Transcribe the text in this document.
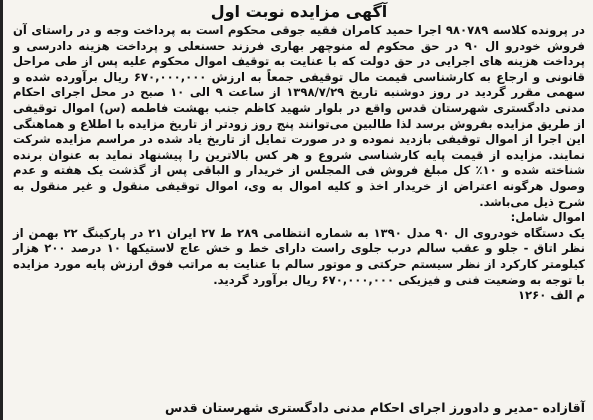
آگهی مزایده نوبت اول

در پرونده کلاسه ۹۸۰۷۸۹ اجرا حمید کامران فقیه جوقی محکوم است به پرداخت وجه و در راستای آن فروش خودرو ال ۹۰ در حق محکوم له منوچهر بهاری فرزند حسنعلی و پرداخت هزینه دادرسی و پرداخت هزینه های اجرایی در حق دولت که با عنایت به توقیف اموال محکوم علیه پس از طی مراحل قانونی و ارجاع به کارشناسی قیمت مال توقیفی جمعاً به ارزش ۶۷۰,۰۰۰,۰۰۰ ریال برآورده شده و سهمی مقرر گردید در روز دوشنبه تاریخ ۱۳۹۸/۷/۲۹ از ساعت ۹ الی ۱۰ صبح در محل اجرای احکام مدنی دادگستری شهرستان قدس واقع در بلوار شهید کاظم جنب بهشت فاطمه (س) اموال توقیفی از طریق مزایده بفروش برسد لذا طالبین می‌توانند پنج روز زودتر از تاریخ مزایده با اطلاع و هماهنگی این اجرا از اموال توقیفی بازدید نموده و در صورت تمایل از تاریخ یاد شده در مراسم مزایده شرکت نمایند. مزایده از قیمت پایه کارشناسی شروع و هر کس بالاترین را پیشنهاد نماید به عنوان برنده شناخته شده و ۱۰٪ کل مبلغ فروش فی المجلس از خریدار و الباقی پس از گذشت یک هفته و عدم وصول هرگونه اعتراض از خریدار اخذ و کلیه اموال به وی، اموال توقیفی منقول و غیر منقول به شرح ذیل می‌باشد.

اموال شامل:

یک دستگاه خودروی ال ۹۰ مدل ۱۳۹۰ به شماره انتظامی ۲۸۹ ط ۲۷ ایران ۲۱ در پارکینگ ۲۲ بهمن از نظر اتاق - جلو و عقب سالم درب جلوی راست دارای خط و خش عاج لاستیکها ۱۰ درصد ۲۰۰ هزار کیلومتر کارکرد از نظر سیستم حرکتی و موتور سالم با عنایت به مراتب فوق ارزش پایه مورد مزایده با توجه به وضعیت فنی و فیزیکی ۶۷۰,۰۰۰,۰۰۰ ریال برآورد گردید.

م الف ۱۲۶۰

آقازاده -مدیر و دادورز اجرای احکام مدنی دادگستری شهرستان قدس
